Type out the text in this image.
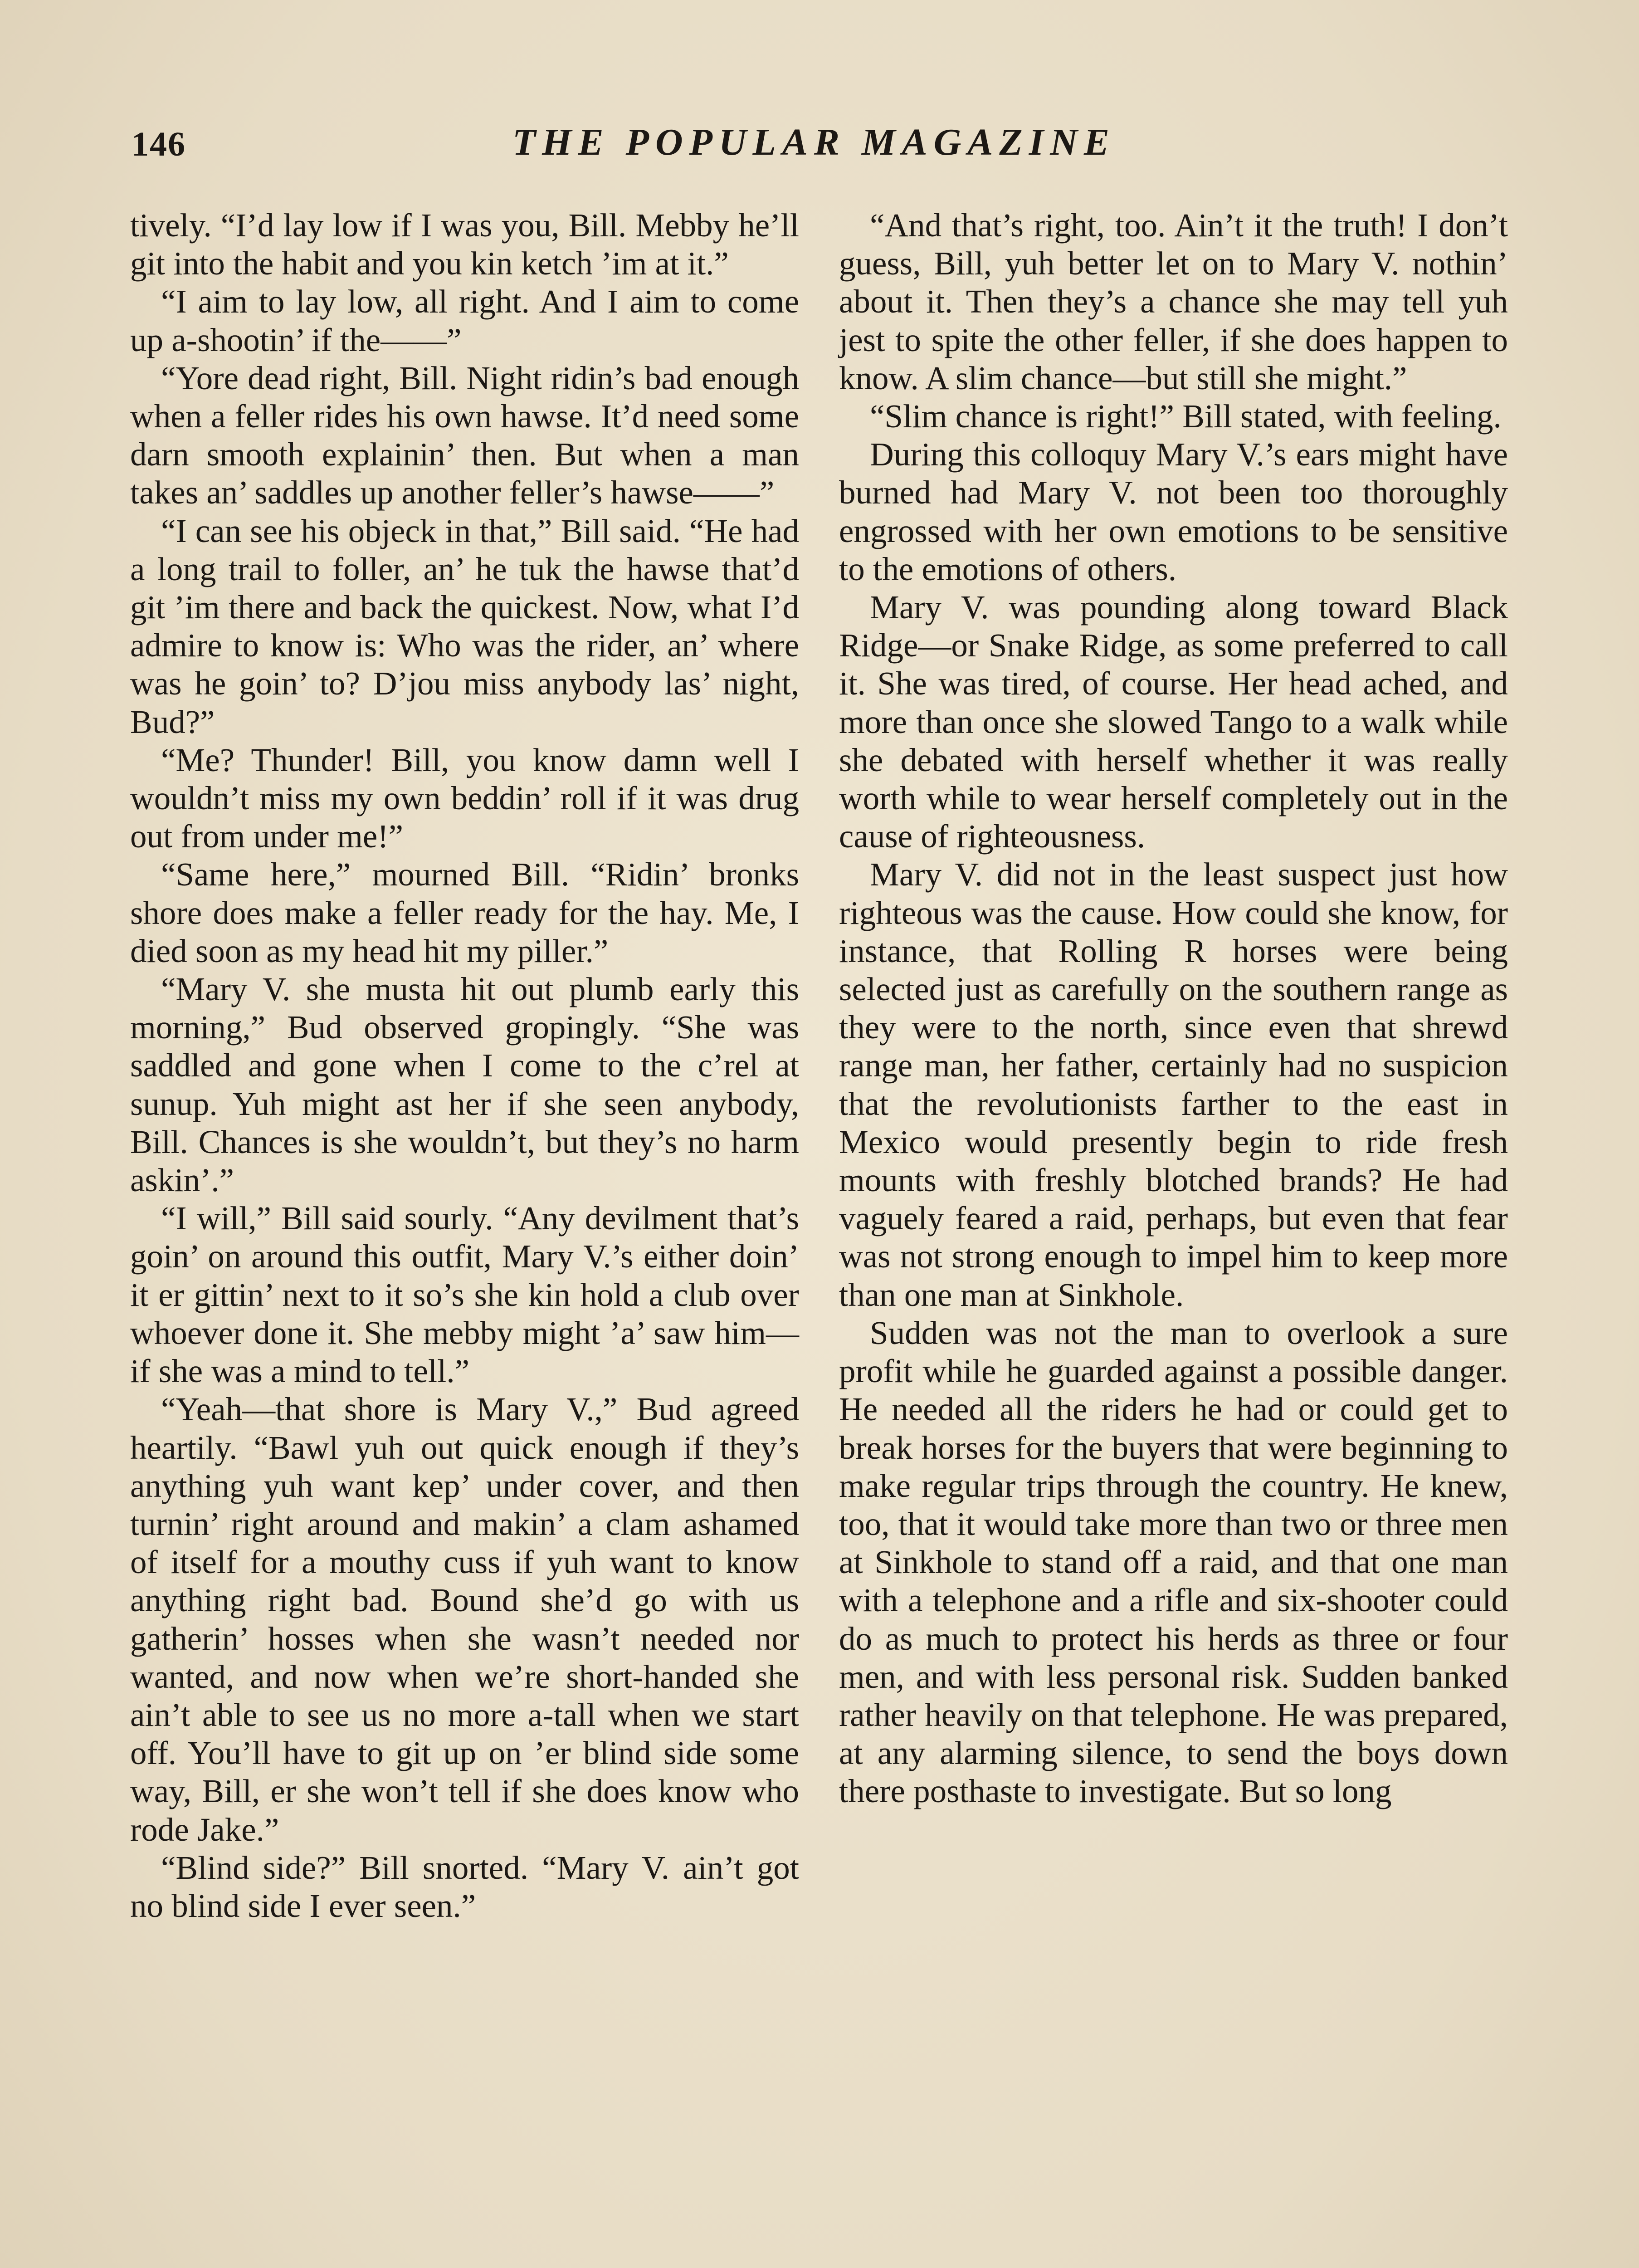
146	THE POPULAR MAGAZINE

tively. “I’d lay low if I was you, Bill. Mebby he’ll git into the habit and you kin ketch ’im at it.”

“I aim to lay low, all right. And I aim to come up a-shootin’ if the——”

“Yore dead right, Bill. Night ridin’s bad enough when a feller rides his own hawse. It’d need some darn smooth explainin’ then. But when a man takes an’ saddles up another feller’s hawse——”

“I can see his objeck in that,” Bill said. “He had a long trail to foller, an’ he tuk the hawse that’d git ’im there and back the quickest. Now, what I’d admire to know is: Who was the rider, an’ where was he goin’ to? D’jou miss anybody las’ night, Bud?”

“Me? Thunder! Bill, you know damn well I wouldn’t miss my own beddin’ roll if it was drug out from under me!”

“Same here,” mourned Bill. “Ridin’ bronks shore does make a feller ready for the hay. Me, I died soon as my head hit my piller.”

“Mary V. she musta hit out plumb early this morning,” Bud observed gropingly. “She was saddled and gone when I come to the c’rel at sunup. Yuh might ast her if she seen anybody, Bill. Chances is she wouldn’t, but they’s no harm askin’.”

“I will,” Bill said sourly. “Any devilment that’s goin’ on around this outfit, Mary V.’s either doin’ it er gittin’ next to it so’s she kin hold a club over whoever done it. She mebby might ’a’ saw him—if she was a mind to tell.”

“Yeah—that shore is Mary V.,” Bud agreed heartily. “Bawl yuh out quick enough if they’s anything yuh want kep’ under cover, and then turnin’ right around and makin’ a clam ashamed of itself for a mouthy cuss if yuh want to know anything right bad. Bound she’d go with us gatherin’ hosses when she wasn’t needed nor wanted, and now when we’re short-handed she ain’t able to see us no more a-tall when we start off. You’ll have to git up on ’er blind side some way, Bill, er she won’t tell if she does know who rode Jake.”

“Blind side?” Bill snorted. “Mary V. ain’t got no blind side I ever seen.”

“And that’s right, too. Ain’t it the truth! I don’t guess, Bill, yuh better let on to Mary V. nothin’ about it. Then they’s a chance she may tell yuh jest to spite the other feller, if she does happen to know. A slim chance—but still she might.”

“Slim chance is right!” Bill stated, with feeling.

During this colloquy Mary V.’s ears might have burned had Mary V. not been too thoroughly engrossed with her own emotions to be sensitive to the emotions of others.

Mary V. was pounding along toward Black Ridge—or Snake Ridge, as some preferred to call it. She was tired, of course. Her head ached, and more than once she slowed Tango to a walk while she debated with herself whether it was really worth while to wear herself completely out in the cause of righteousness.

Mary V. did not in the least suspect just how righteous was the cause. How could she know, for instance, that Rolling R horses were being selected just as carefully on the southern range as they were to the north, since even that shrewd range man, her father, certainly had no suspicion that the revolutionists farther to the east in Mexico would presently begin to ride fresh mounts with freshly blotched brands? He had vaguely feared a raid, perhaps, but even that fear was not strong enough to impel him to keep more than one man at Sinkhole.

Sudden was not the man to overlook a sure profit while he guarded against a possible danger. He needed all the riders he had or could get to break horses for the buyers that were beginning to make regular trips through the country. He knew, too, that it would take more than two or three men at Sinkhole to stand off a raid, and that one man with a telephone and a rifle and six-shooter could do as much to protect his herds as three or four men, and with less personal risk. Sudden banked rather heavily on that telephone. He was prepared, at any alarming silence, to send the boys down there posthaste to investigate. But so long
